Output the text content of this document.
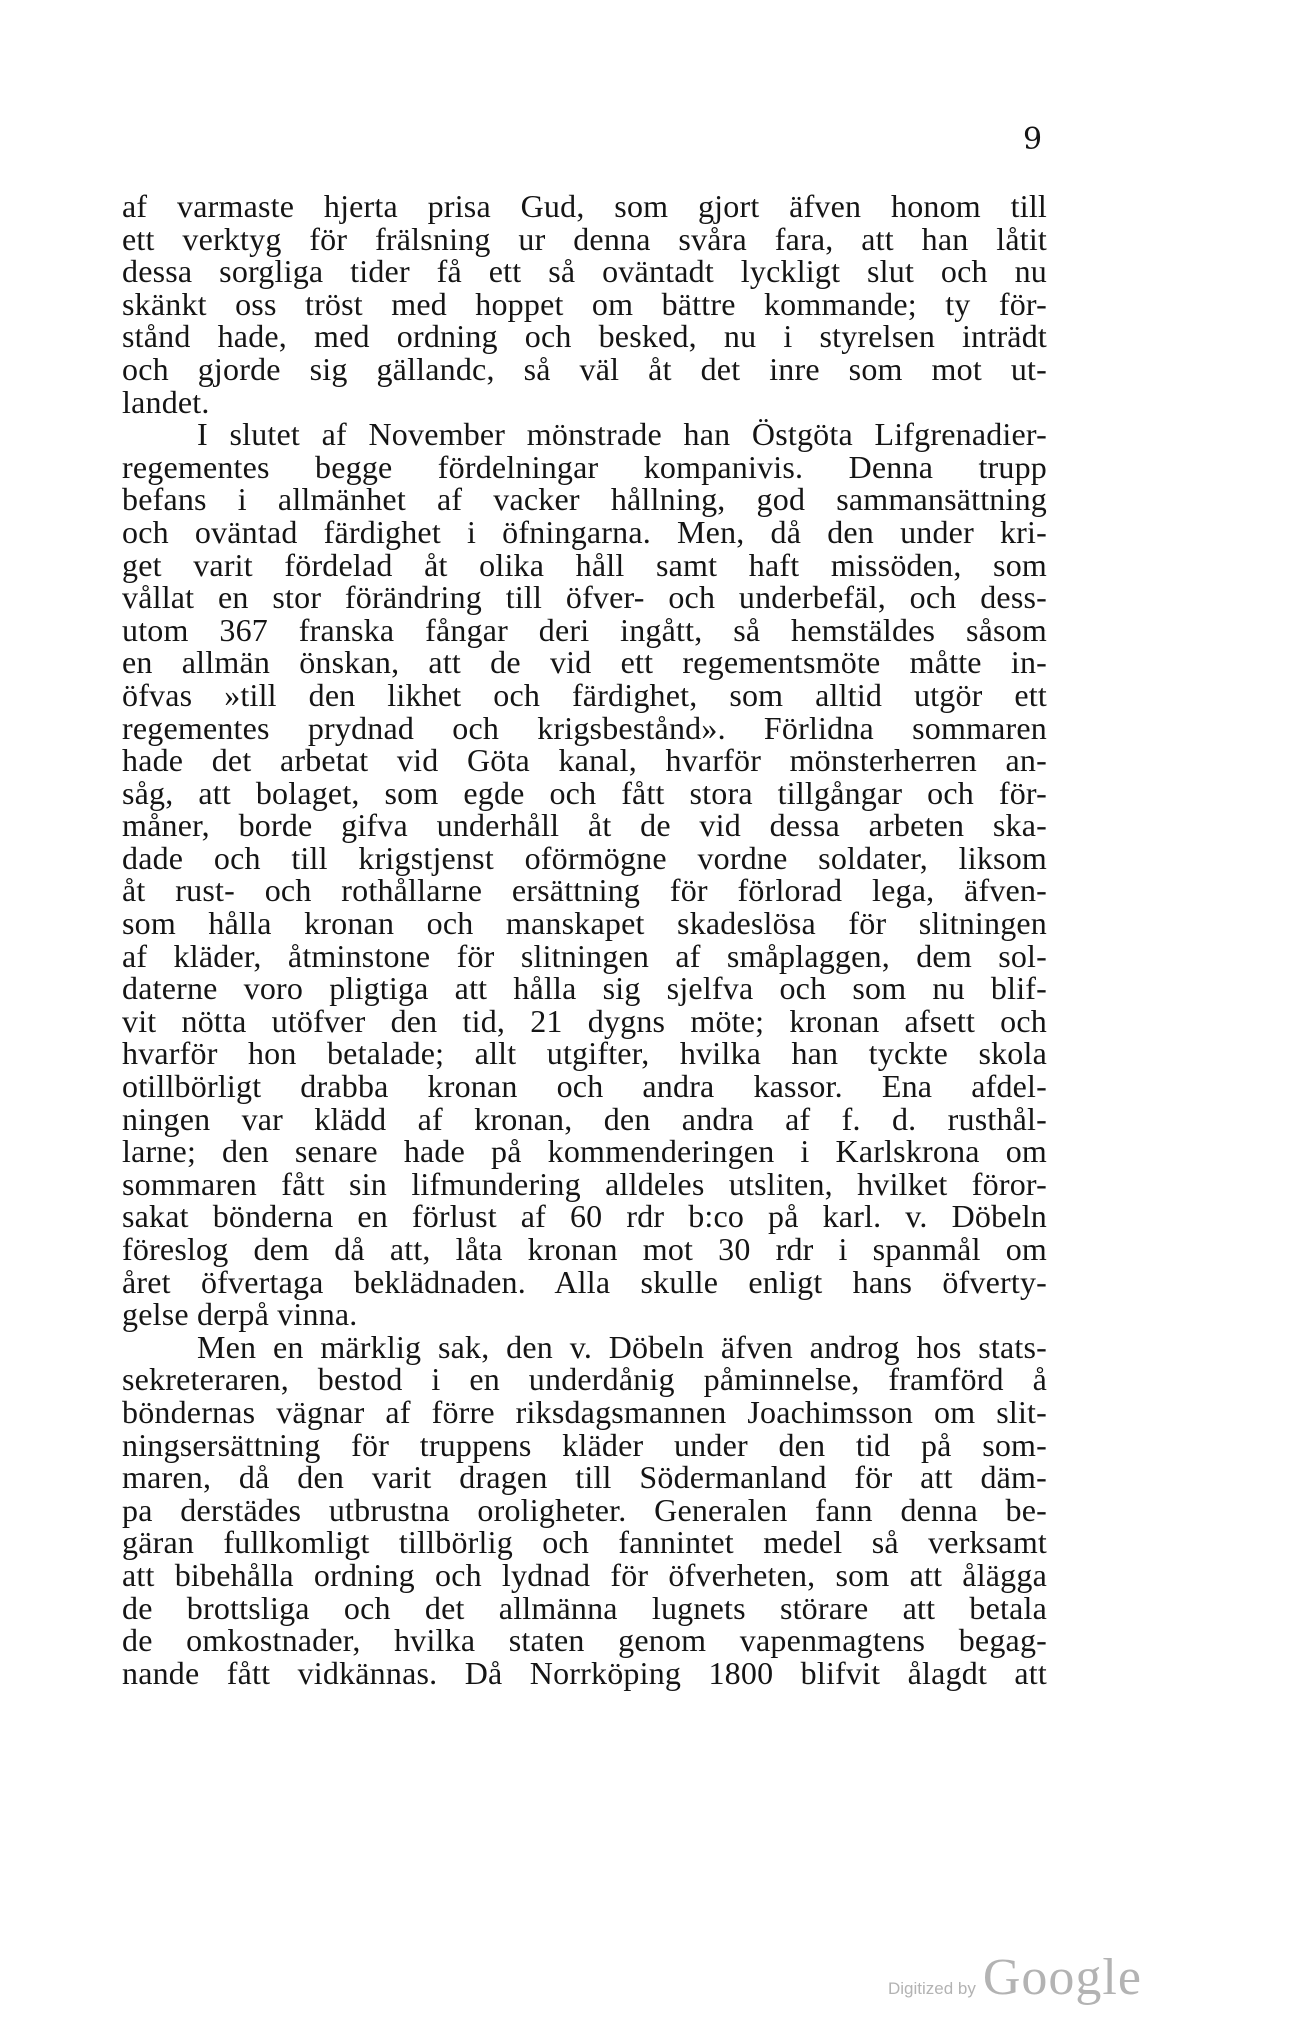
9
af varmaste hjerta prisa Gud, som gjort äfven honom till
ett verktyg för frälsning ur denna svåra fara, att han låtit
dessa sorgliga tider få ett så oväntadt lyckligt slut och nu
skänkt oss tröst med hoppet om bättre kommande; ty för-
stånd hade, med ordning och besked, nu i styrelsen inträdt
och gjorde sig gällandc, så väl åt det inre som mot ut-
landet.
I slutet af November mönstrade han Östgöta Lifgrenadier-
regementes begge fördelningar kompanivis. Denna trupp
befans i allmänhet af vacker hållning, god sammansättning
och oväntad färdighet i öfningarna. Men, då den under kri-
get varit fördelad åt olika håll samt haft missöden, som
vållat en stor förändring till öfver- och underbefäl, och dess-
utom 367 franska fångar deri ingått, så hemstäldes såsom
en allmän önskan, att de vid ett regementsmöte måtte in-
öfvas »till den likhet och färdighet, som alltid utgör ett
regementes prydnad och krigsbestånd». Förlidna sommaren
hade det arbetat vid Göta kanal, hvarför mönsterherren an-
såg, att bolaget, som egde och fått stora tillgångar och för-
måner, borde gifva underhåll åt de vid dessa arbeten ska-
dade och till krigstjenst oförmögne vordne soldater, liksom
åt rust- och rothållarne ersättning för förlorad lega, äfven-
som hålla kronan och manskapet skadeslösa för slitningen
af kläder, åtminstone för slitningen af småplaggen, dem sol-
daterne voro pligtiga att hålla sig sjelfva och som nu blif-
vit nötta utöfver den tid, 21 dygns möte; kronan afsett och
hvarför hon betalade; allt utgifter, hvilka han tyckte skola
otillbörligt drabba kronan och andra kassor. Ena afdel-
ningen var klädd af kronan, den andra af f. d. rusthål-
larne; den senare hade på kommenderingen i Karlskrona om
sommaren fått sin lifmundering alldeles utsliten, hvilket föror-
sakat bönderna en förlust af 60 rdr b:co på karl. v. Döbeln
föreslog dem då att, låta kronan mot 30 rdr i spanmål om
året öfvertaga beklädnaden. Alla skulle enligt hans öfverty-
gelse derpå vinna.
Men en märklig sak, den v. Döbeln äfven androg hos stats-
sekreteraren, bestod i en underdånig påminnelse, framförd å
böndernas vägnar af förre riksdagsmannen Joachimsson om slit-
ningsersättning för truppens kläder under den tid på som-
maren, då den varit dragen till Södermanland för att däm-
pa derstädes utbrustna oroligheter. Generalen fann denna be-
gäran fullkomligt tillbörlig och fannintet medel så verksamt
att bibehålla ordning och lydnad för öfverheten, som att ålägga
de brottsliga och det allmänna lugnets störare att betala
de omkostnader, hvilka staten genom vapenmagtens begag-
nande fått vidkännas. Då Norrköping 1800 blifvit ålagdt att
Digitized by Google
